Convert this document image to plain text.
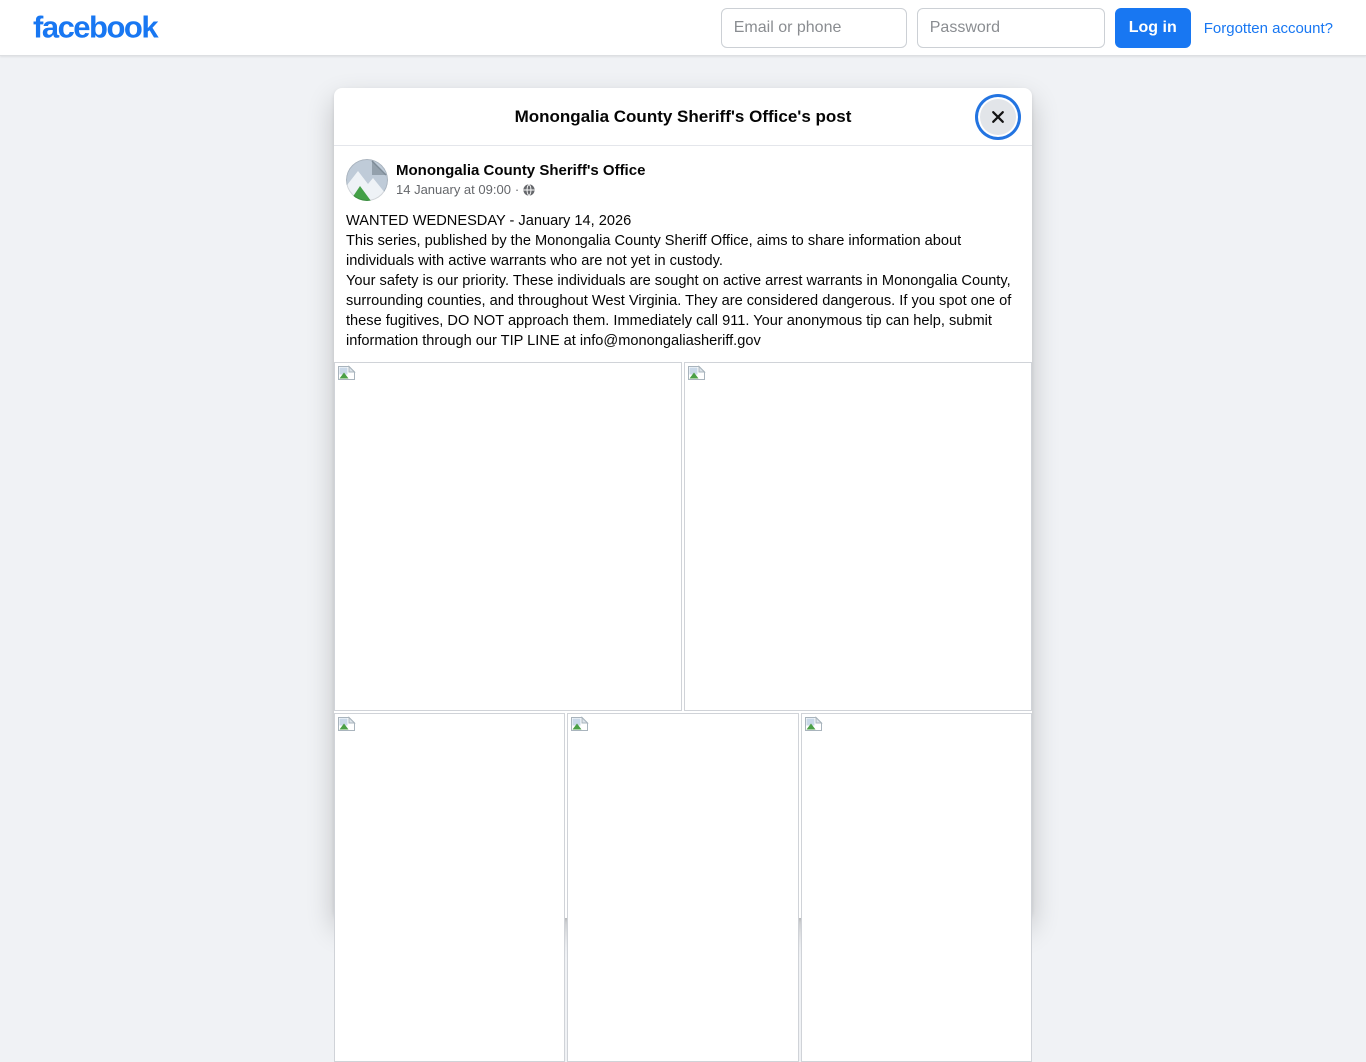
facebook
Email or phone	Log in	Forgotten account?
Monongalia County Sheriff's Office's post
Monongalia County Sheriff's Office
14 January at 09:00 ·

WANTED WEDNESDAY - January 14, 2026

This series, published by the Monongalia County Sheriff Office, aims to share information about individuals with active warrants who are not yet in custody.

Your safety is our priority. These individuals are sought on active arrest warrants in Monongalia County, surrounding counties, and throughout West Virginia. They are considered dangerous. If you spot one of these fugitives, DO NOT approach them. Immediately call 911. Your anonymous tip can help, submit information through our TIP LINE at info@monongaliasheriff.gov
